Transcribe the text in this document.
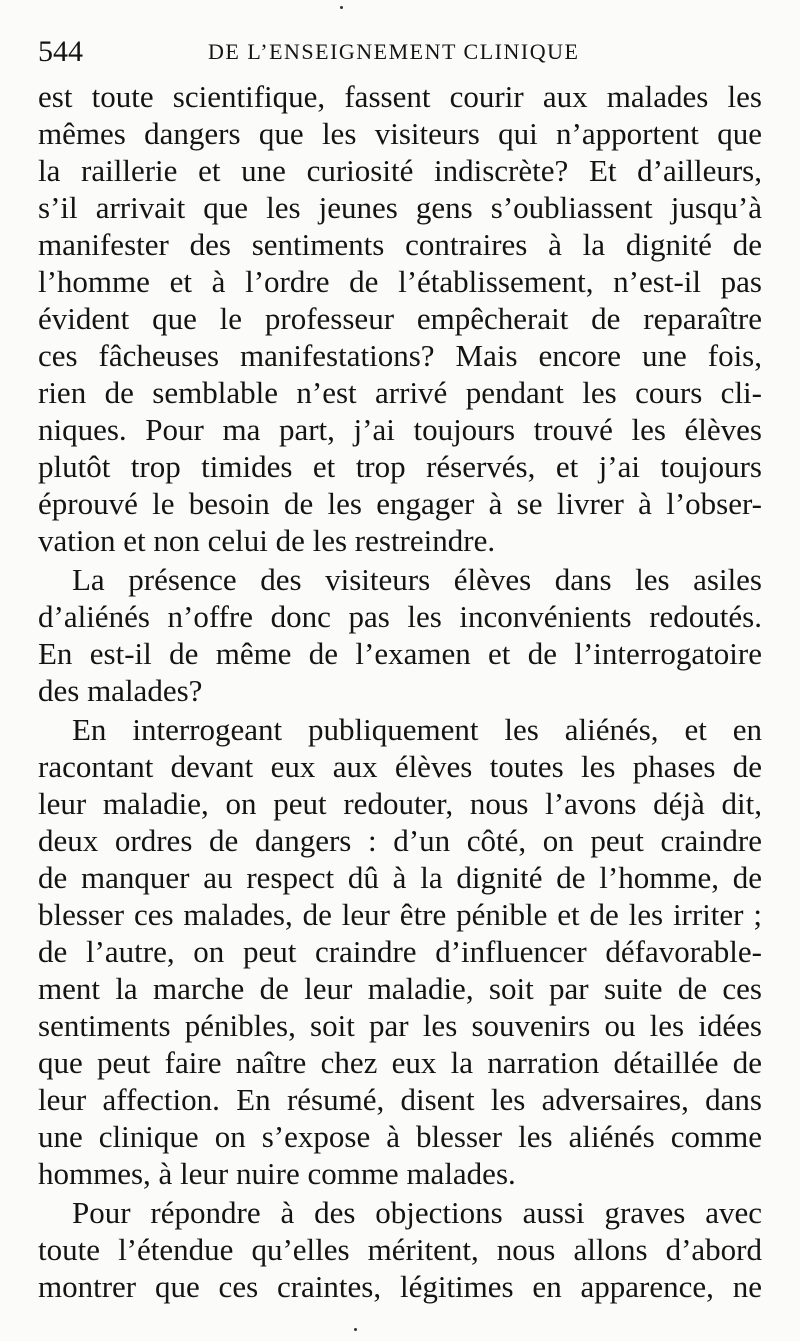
544	DE L’ENSEIGNEMENT CLINIQUE
est toute scientifique, fassent courir aux malades les
mêmes dangers que les visiteurs qui n’apportent que
la raillerie et une curiosité indiscrète? Et d’ailleurs,
s’il arrivait que les jeunes gens s’oubliassent jusqu’à
manifester des sentiments contraires à la dignité de
l’homme et à l’ordre de l’établissement, n’est-il pas
évident que le professeur empêcherait de reparaître
ces fâcheuses manifestations? Mais encore une fois,
rien de semblable n’est arrivé pendant les cours cli-
niques. Pour ma part, j’ai toujours trouvé les élèves
plutôt trop timides et trop réservés, et j’ai toujours
éprouvé le besoin de les engager à se livrer à l’obser-
vation et non celui de les restreindre.
La présence des visiteurs élèves dans les asiles
d’aliénés n’offre donc pas les inconvénients redoutés.
En est-il de même de l’examen et de l’interrogatoire
des malades?
En interrogeant publiquement les aliénés, et en
racontant devant eux aux élèves toutes les phases de
leur maladie, on peut redouter, nous l’avons déjà dit,
deux ordres de dangers : d’un côté, on peut craindre
de manquer au respect dû à la dignité de l’homme, de
blesser ces malades, de leur être pénible et de les irriter ;
de l’autre, on peut craindre d’influencer défavorable-
ment la marche de leur maladie, soit par suite de ces
sentiments pénibles, soit par les souvenirs ou les idées
que peut faire naître chez eux la narration détaillée de
leur affection. En résumé, disent les adversaires, dans
une clinique on s’expose à blesser les aliénés comme
hommes, à leur nuire comme malades.
Pour répondre à des objections aussi graves avec
toute l’étendue qu’elles méritent, nous allons d’abord
montrer que ces craintes, légitimes en apparence, ne
